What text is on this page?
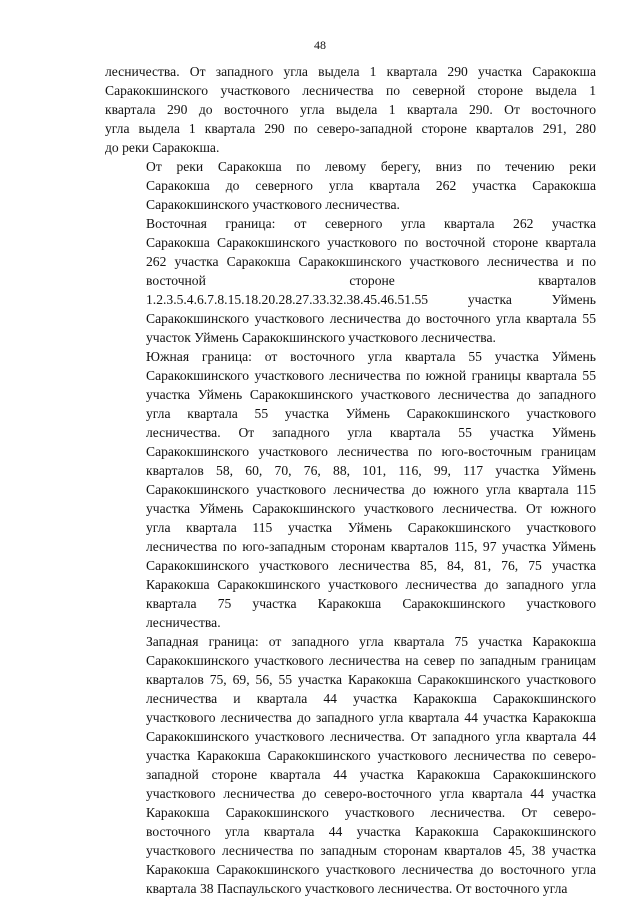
48

лесничества. От западного угла выдела 1 квартала 290 участка Саракокша
Саракокшинского участкового лесничества по северной стороне выдела 1
квартала 290 до восточного угла выдела 1 квартала 290. От восточного
угла выдела 1 квартала 290 по северо-западной стороне кварталов 291, 280
до реки Саракокша.

От реки Саракокша по левому берегу, вниз по течению реки
Саракокша до северного угла квартала 262 участка Саракокша
Саракокшинского участкового лесничества.

Восточная граница: от северного угла квартала 262 участка
Саракокша Саракокшинского участкового по восточной стороне квартала
262 участка Саракокша Саракокшинского участкового лесничества и по
восточной стороне кварталов
1.2.3.5.4.6.7.8.15.18.20.28.27.33.32.38.45.46.51.55 участка Уймень
Саракокшинского участкового лесничества до восточного угла квартала 55
участок Уймень Саракокшинского участкового лесничества.

Южная граница: от восточного угла квартала 55 участка Уймень
Саракокшинского участкового лесничества по южной границы квартала 55
участка Уймень Саракокшинского участкового лесничества до западного
угла квартала 55 участка Уймень Саракокшинского участкового
лесничества. От западного угла квартала 55 участка Уймень
Саракокшинского участкового лесничества по юго-восточным границам
кварталов 58, 60, 70, 76, 88, 101, 116, 99, 117 участка Уймень
Саракокшинского участкового лесничества до южного угла квартала 115
участка Уймень Саракокшинского участкового лесничества. От южного
угла квартала 115 участка Уймень Саракокшинского участкового
лесничества по юго-западным сторонам кварталов 115, 97 участка Уймень
Саракокшинского участкового лесничества 85, 84, 81, 76, 75 участка
Каракокша Саракокшинского участкового лесничества до западного угла
квартала 75 участка Каракокша Саракокшинского участкового
лесничества.

Западная граница: от западного угла квартала 75 участка Каракокша
Саракокшинского участкового лесничества на север по западным границам
кварталов 75, 69, 56, 55 участка Каракокша Саракокшинского участкового
лесничества и квартала 44 участка Каракокша Саракокшинского
участкового лесничества до западного угла квартала 44 участка Каракокша
Саракокшинского участкового лесничества. От западного угла квартала 44
участка Каракокша Саракокшинского участкового лесничества по северо-
западной стороне квартала 44 участка Каракокша Саракокшинского
участкового лесничества до северо-восточного угла квартала 44 участка
Каракокша Саракокшинского участкового лесничества. От северо-
восточного угла квартала 44 участка Каракокша Саракокшинского
участкового лесничества по западным сторонам кварталов 45, 38 участка
Каракокша Саракокшинского участкового лесничества до восточного угла
квартала 38 Паспаульского участкового лесничества. От восточного угла
